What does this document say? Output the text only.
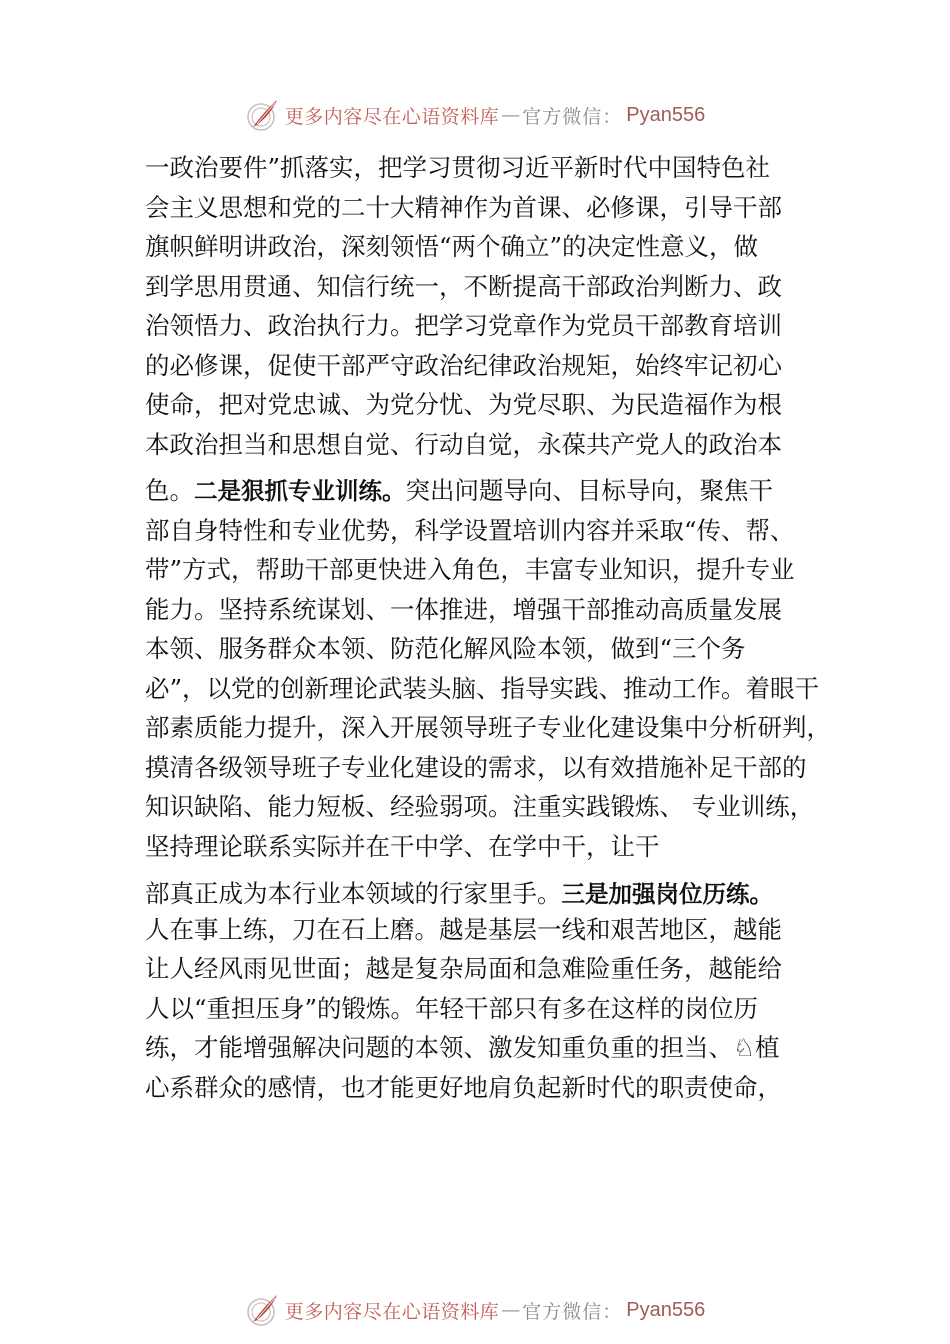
更多内容尽在心语资料库 — 官方微信： Pyan556
一政治要件”抓落实，把学习贯彻习近平新时代中国特色社
会主义思想和党的二十大精神作为首课、必修课，引导干部
旗帜鲜明讲政治，深刻领悟“两个确立”的决定性意义，做
到学思用贯通、知信行统一，不断提高干部政治判断力、政
治领悟力、政治执行力。把学习党章作为党员干部教育培训
的必修课，促使干部严守政治纪律政治规矩，始终牢记初心
使命，把对党忠诚、为党分忧、为党尽职、为民造福作为根
本政治担当和思想自觉、行动自觉，永葆共产党人的政治本
色。二是狠抓专业训练。突出问题导向、目标导向，聚焦干
部自身特性和专业优势，科学设置培训内容并采取“传、帮、
带”方式，帮助干部更快进入角色，丰富专业知识，提升专业
能力。坚持系统谋划、一体推进，增强干部推动高质量发展
本领、服务群众本领、防范化解风险本领，做到“三个务
必”，以党的创新理论武装头脑、指导实践、推动工作。着眼干
部素质能力提升，深入开展领导班子专业化建设集中分析研判，
摸清各级领导班子专业化建设的需求，以有效措施补足干部的
知识缺陷、能力短板、经验弱项。注重实践锻炼、 专业训练，
坚持理论联系实际并在干中学、在学中干，让干
部真正成为本行业本领域的行家里手。三是加强岗位历练。
人在事上练，刀在石上磨。越是基层一线和艰苦地区，越能
让人经风雨见世面；越是复杂局面和急难险重任务，越能给
人以“重担压身”的锻炼。年轻干部只有多在这样的岗位历
练，才能增强解决问题的本领、激发知重负重的担当、♘植
心系群众的感情，也才能更好地肩负起新时代的职责使命，
更多内容尽在心语资料库 — 官方微信： Pyan556
